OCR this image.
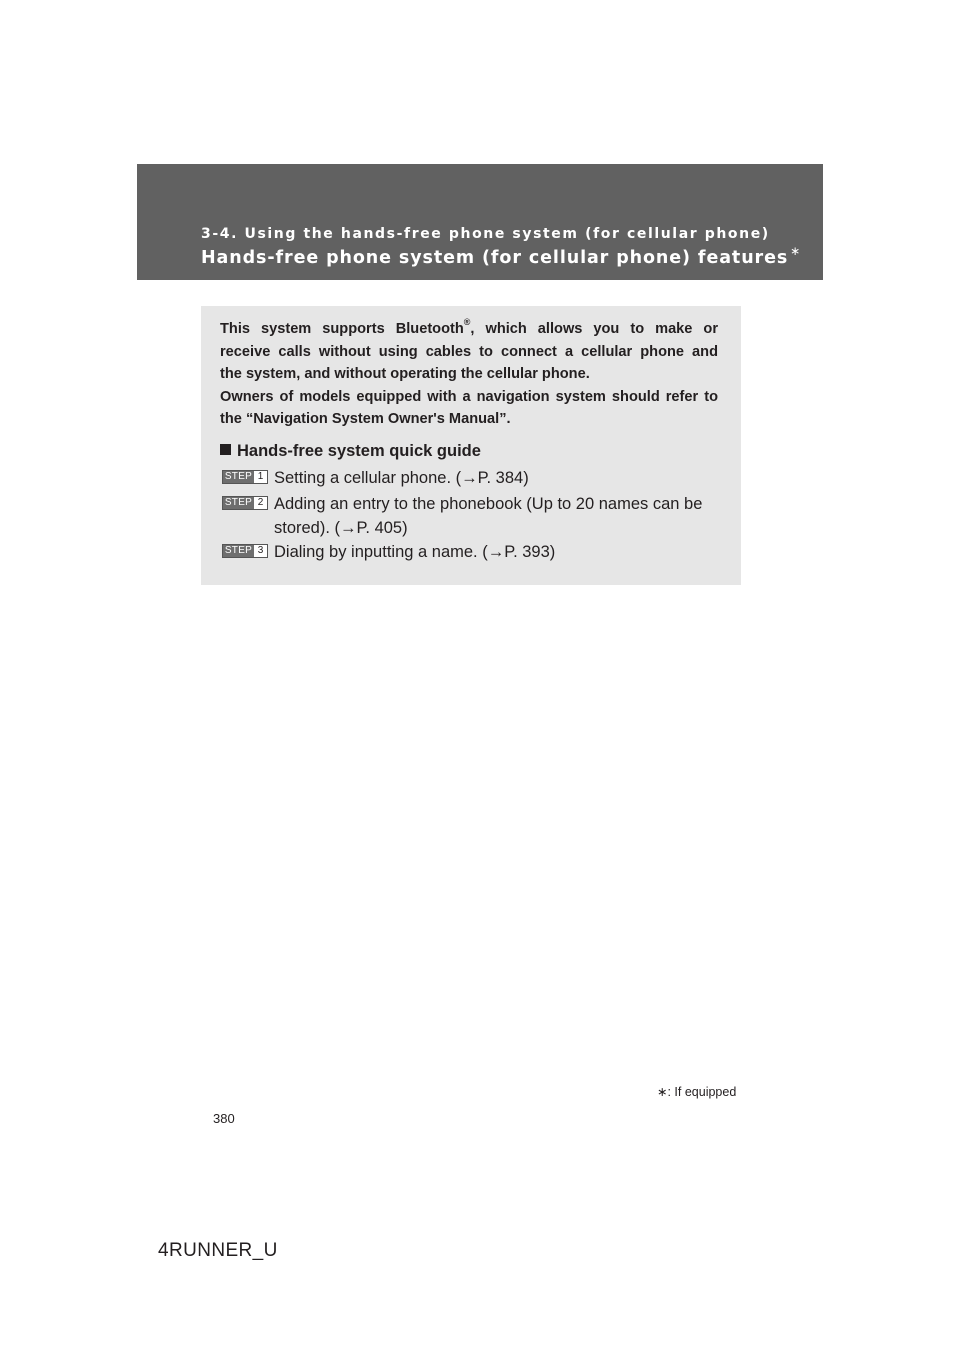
3-4. Using the hands-free phone system (for cellular phone)
Hands-free phone system (for cellular phone) features ∗

This system supports Bluetooth®, which allows you to make or

receive calls without using cables to connect a cellular phone and

the system, and without operating the cellular phone.

Owners of models equipped with a navigation system should refer to

the “Navigation System Owner's Manual”.

Hands-free system quick guide
STEP 1 Setting a cellular phone. (→P. 384)
STEP 2 Adding an entry to the phonebook (Up to 20 names can be stored). (→P. 405)
STEP 3 Dialing by inputting a name. (→P. 393)
∗: If equipped
380
4RUNNER_U
